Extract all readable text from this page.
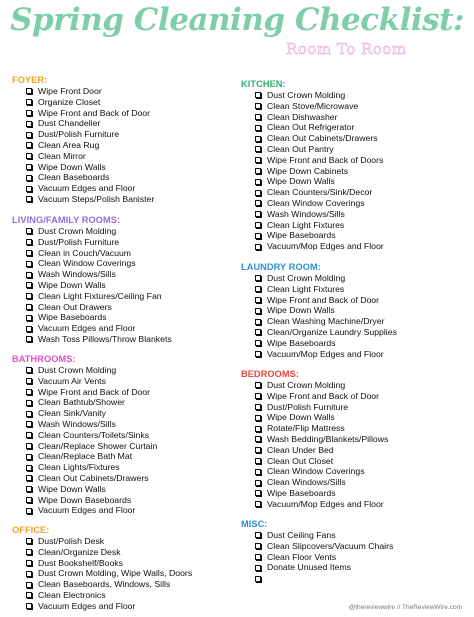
Spring Cleaning Checklist:
Room To Room
FOYER:
Wipe Front Door
Organize Closet
Wipe Front and Back of Door
Dust Chandelier
Dust/Polish Furniture
Clean Area Rug
Clean Mirror
Wipe Down Walls
Clean Baseboards
Vacuum Edges and Floor
Vacuum Steps/Polish Banister
LIVING/FAMILY ROOMS:
Dust Crown Molding
Dust/Polish Furniture
Clean in Couch/Vacuum
Clean Window Coverings
Wash Windows/Sills
Wipe Down Walls
Clean Light Fixtures/Ceiling Fan
Clean Out Drawers
Wipe Baseboards
Vacuum Edges and Floor
Wash Toss Pillows/Throw Blankets
BATHROOMS:
Dust Crown Molding
Vacuum Air Vents
Wipe Front and Back of Door
Clean Bathtub/Shower
Clean Sink/Vanity
Wash Windows/Sills
Clean Counters/Toilets/Sinks
Clean/Replace Shower Curtain
Clean/Replace Bath Mat
Clean Lights/Fixtures
Clean Out Cabinets/Drawers
Wipe Down Walls
Wipe Down Baseboards
Vacuum Edges and Floor
OFFICE:
Dust/Polish Desk
Clean/Organize Desk
Dust Bookshelf/Books
Dust Crown Molding, Wipe Walls, Doors
Clean Baseboards, Windows, Sills
Clean Electronics
Vacuum Edges and Floor
KITCHEN:
Dust Crown Molding
Clean Stove/Microwave
Clean Dishwasher
Clean Out Refrigerator
Clean Out Cabinets/Drawers
Clean Out Pantry
Wipe Front and Back of Doors
Wipe Down Cabinets
Wipe Down Walls
Clean Counters/Sink/Decor
Clean Window Coverings
Wash Windows/Sills
Clean Light Fixtures
Wipe Baseboards
Vacuum/Mop Edges and Floor
LAUNDRY ROOM:
Dust Crown Molding
Clean Light Fixtures
Wipe Front and Back of Door
Wipe Down Walls
Clean Washing Machine/Dryer
Clean/Organize Laundry Supplies
Wipe Baseboards
Vacuum/Mop Edges and Floor
BEDROOMS:
Dust Crown Molding
Wipe Front and Back of Door
Dust/Polish Furniture
Wipe Down Walls
Rotate/Flip Mattress
Wash Bedding/Blankets/Pillows
Clean Under Bed
Clean Out Closet
Clean Window Coverings
Clean Windows/Sills
Wipe Baseboards
Vacuum/Mop Edges and Floor
MISC:
Dust Ceiling Fans
Clean Slipcovers/Vacuum Chairs
Clean Floor Vents
Donate Unused Items
@thereviewwire // TheReviewWire.com
